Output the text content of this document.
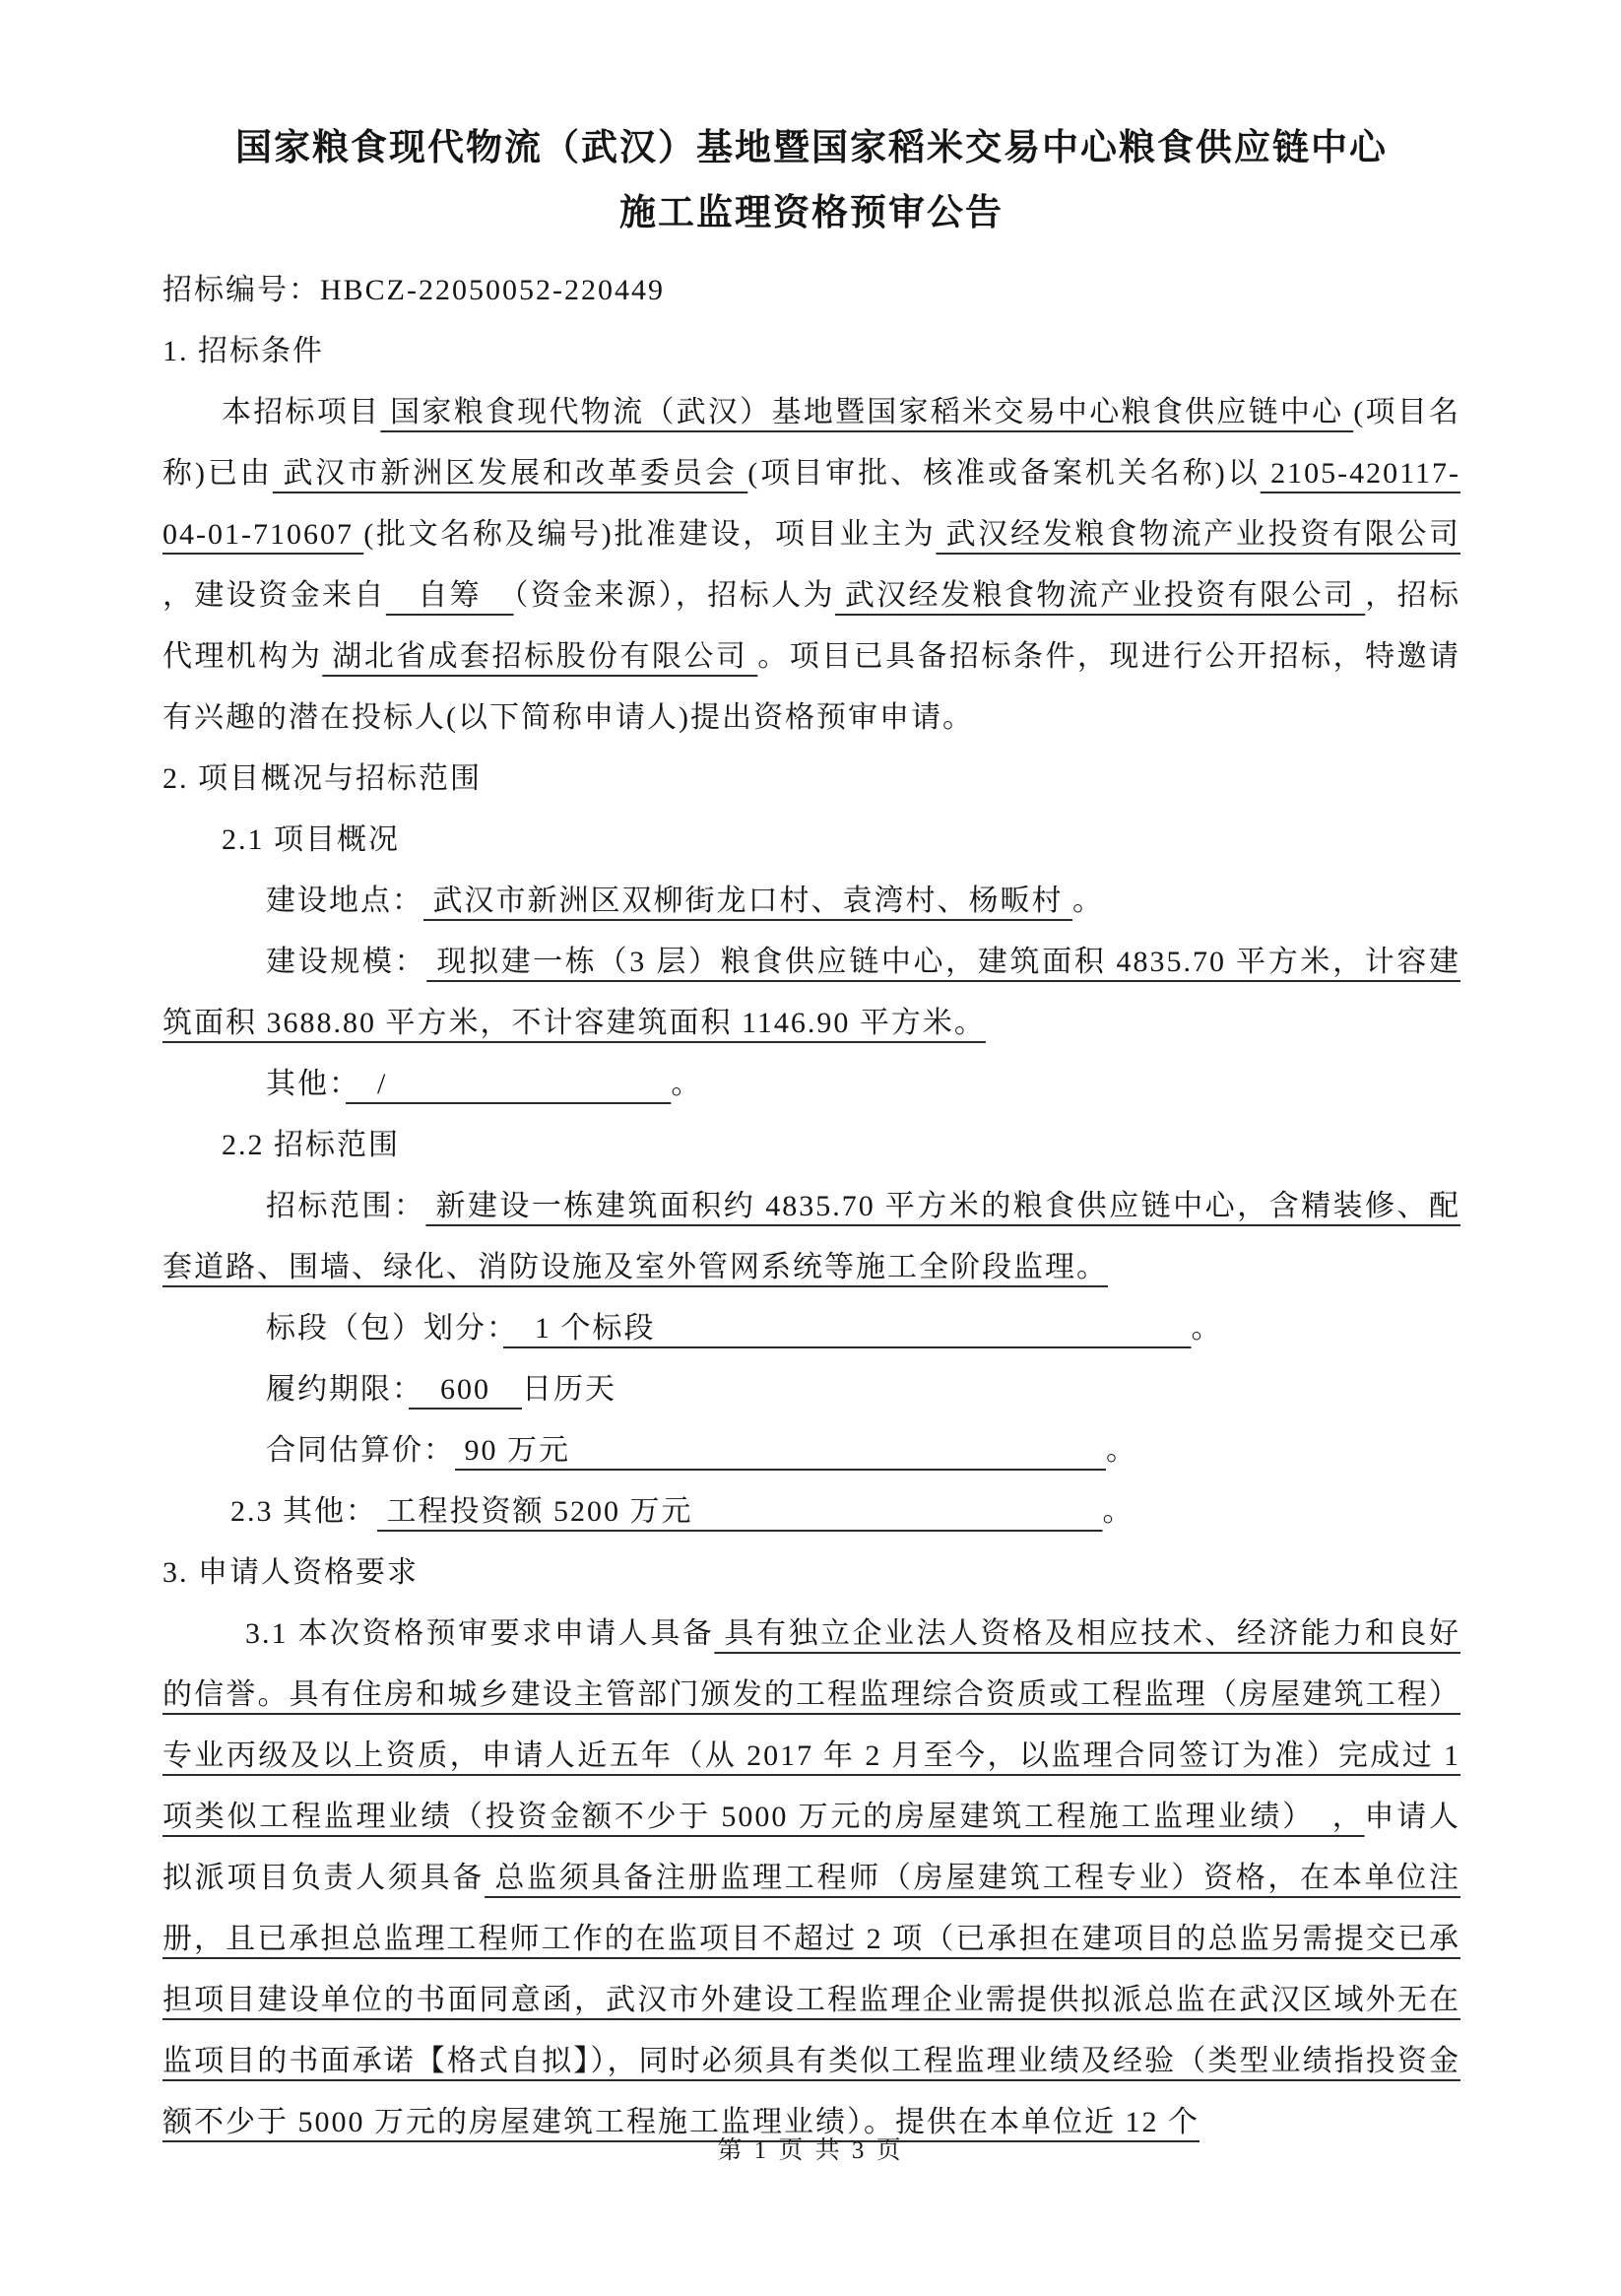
国家粮食现代物流（武汉）基地暨国家稻米交易中心粮食供应链中心
施工监理资格预审公告

招标编号：HBCZ-22050052-220449

1. 招标条件

本招标项目 国家粮食现代物流（武汉）基地暨国家稻米交易中心粮食供应链中心 (项目名称)已由 武汉市新洲区发展和改革委员会 (项目审批、核准或备案机关名称)以 2105-420117-04-01-710607 (批文名称及编号)批准建设，项目业主为 武汉经发粮食物流产业投资有限公司 ，建设资金来自　自筹　（资金来源），招标人为 武汉经发粮食物流产业投资有限公司 ，招标代理机构为 湖北省成套招标股份有限公司 。项目已具备招标条件，现进行公开招标，特邀请有兴趣的潜在投标人(以下简称申请人)提出资格预审申请。

2. 项目概况与招标范围

2.1 项目概况

建设地点： 武汉市新洲区双柳街龙口村、袁湾村、杨畈村 。

建设规模： 现拟建一栋（3 层）粮食供应链中心，建筑面积 4835.70 平方米，计容建筑面积 3688.80 平方米，不计容建筑面积 1146.90 平方米。

其他：　/　　　　　　　　　。

2.2 招标范围

招标范围： 新建设一栋建筑面积约 4835.70 平方米的粮食供应链中心，含精装修、配套道路、围墙、绿化、消防设施及室外管网系统等施工全阶段监理。

标段（包）划分：　1 个标段　　　　　　　　　　　　　　　　　。

履约期限：　600　日历天

合同估算价： 90 万元　　　　　　　　　　　　　　　　　。

2.3 其他： 工程投资额 5200 万元　　　　　　　　　　　　　。

3. 申请人资格要求

3.1 本次资格预审要求申请人具备 具有独立企业法人资格及相应技术、经济能力和良好的信誉。具有住房和城乡建设主管部门颁发的工程监理综合资质或工程监理（房屋建筑工程）专业丙级及以上资质，申请人近五年（从 2017 年 2 月至今，以监理合同签订为准）完成过 1 项类似工程监理业绩（投资金额不少于 5000 万元的房屋建筑工程施工监理业绩）　，申请人拟派项目负责人须具备 总监须具备注册监理工程师（房屋建筑工程专业）资格，在本单位注册，且已承担总监理工程师工作的在监项目不超过 2 项（已承担在建项目的总监另需提交已承担项目建设单位的书面同意函，武汉市外建设工程监理企业需提供拟派总监在武汉区域外无在监项目的书面承诺【格式自拟】），同时必须具有类似工程监理业绩及经验（类型业绩指投资金额不少于 5000 万元的房屋建筑工程施工监理业绩）。提供在本单位近 12 个

第 1 页 共 3 页
